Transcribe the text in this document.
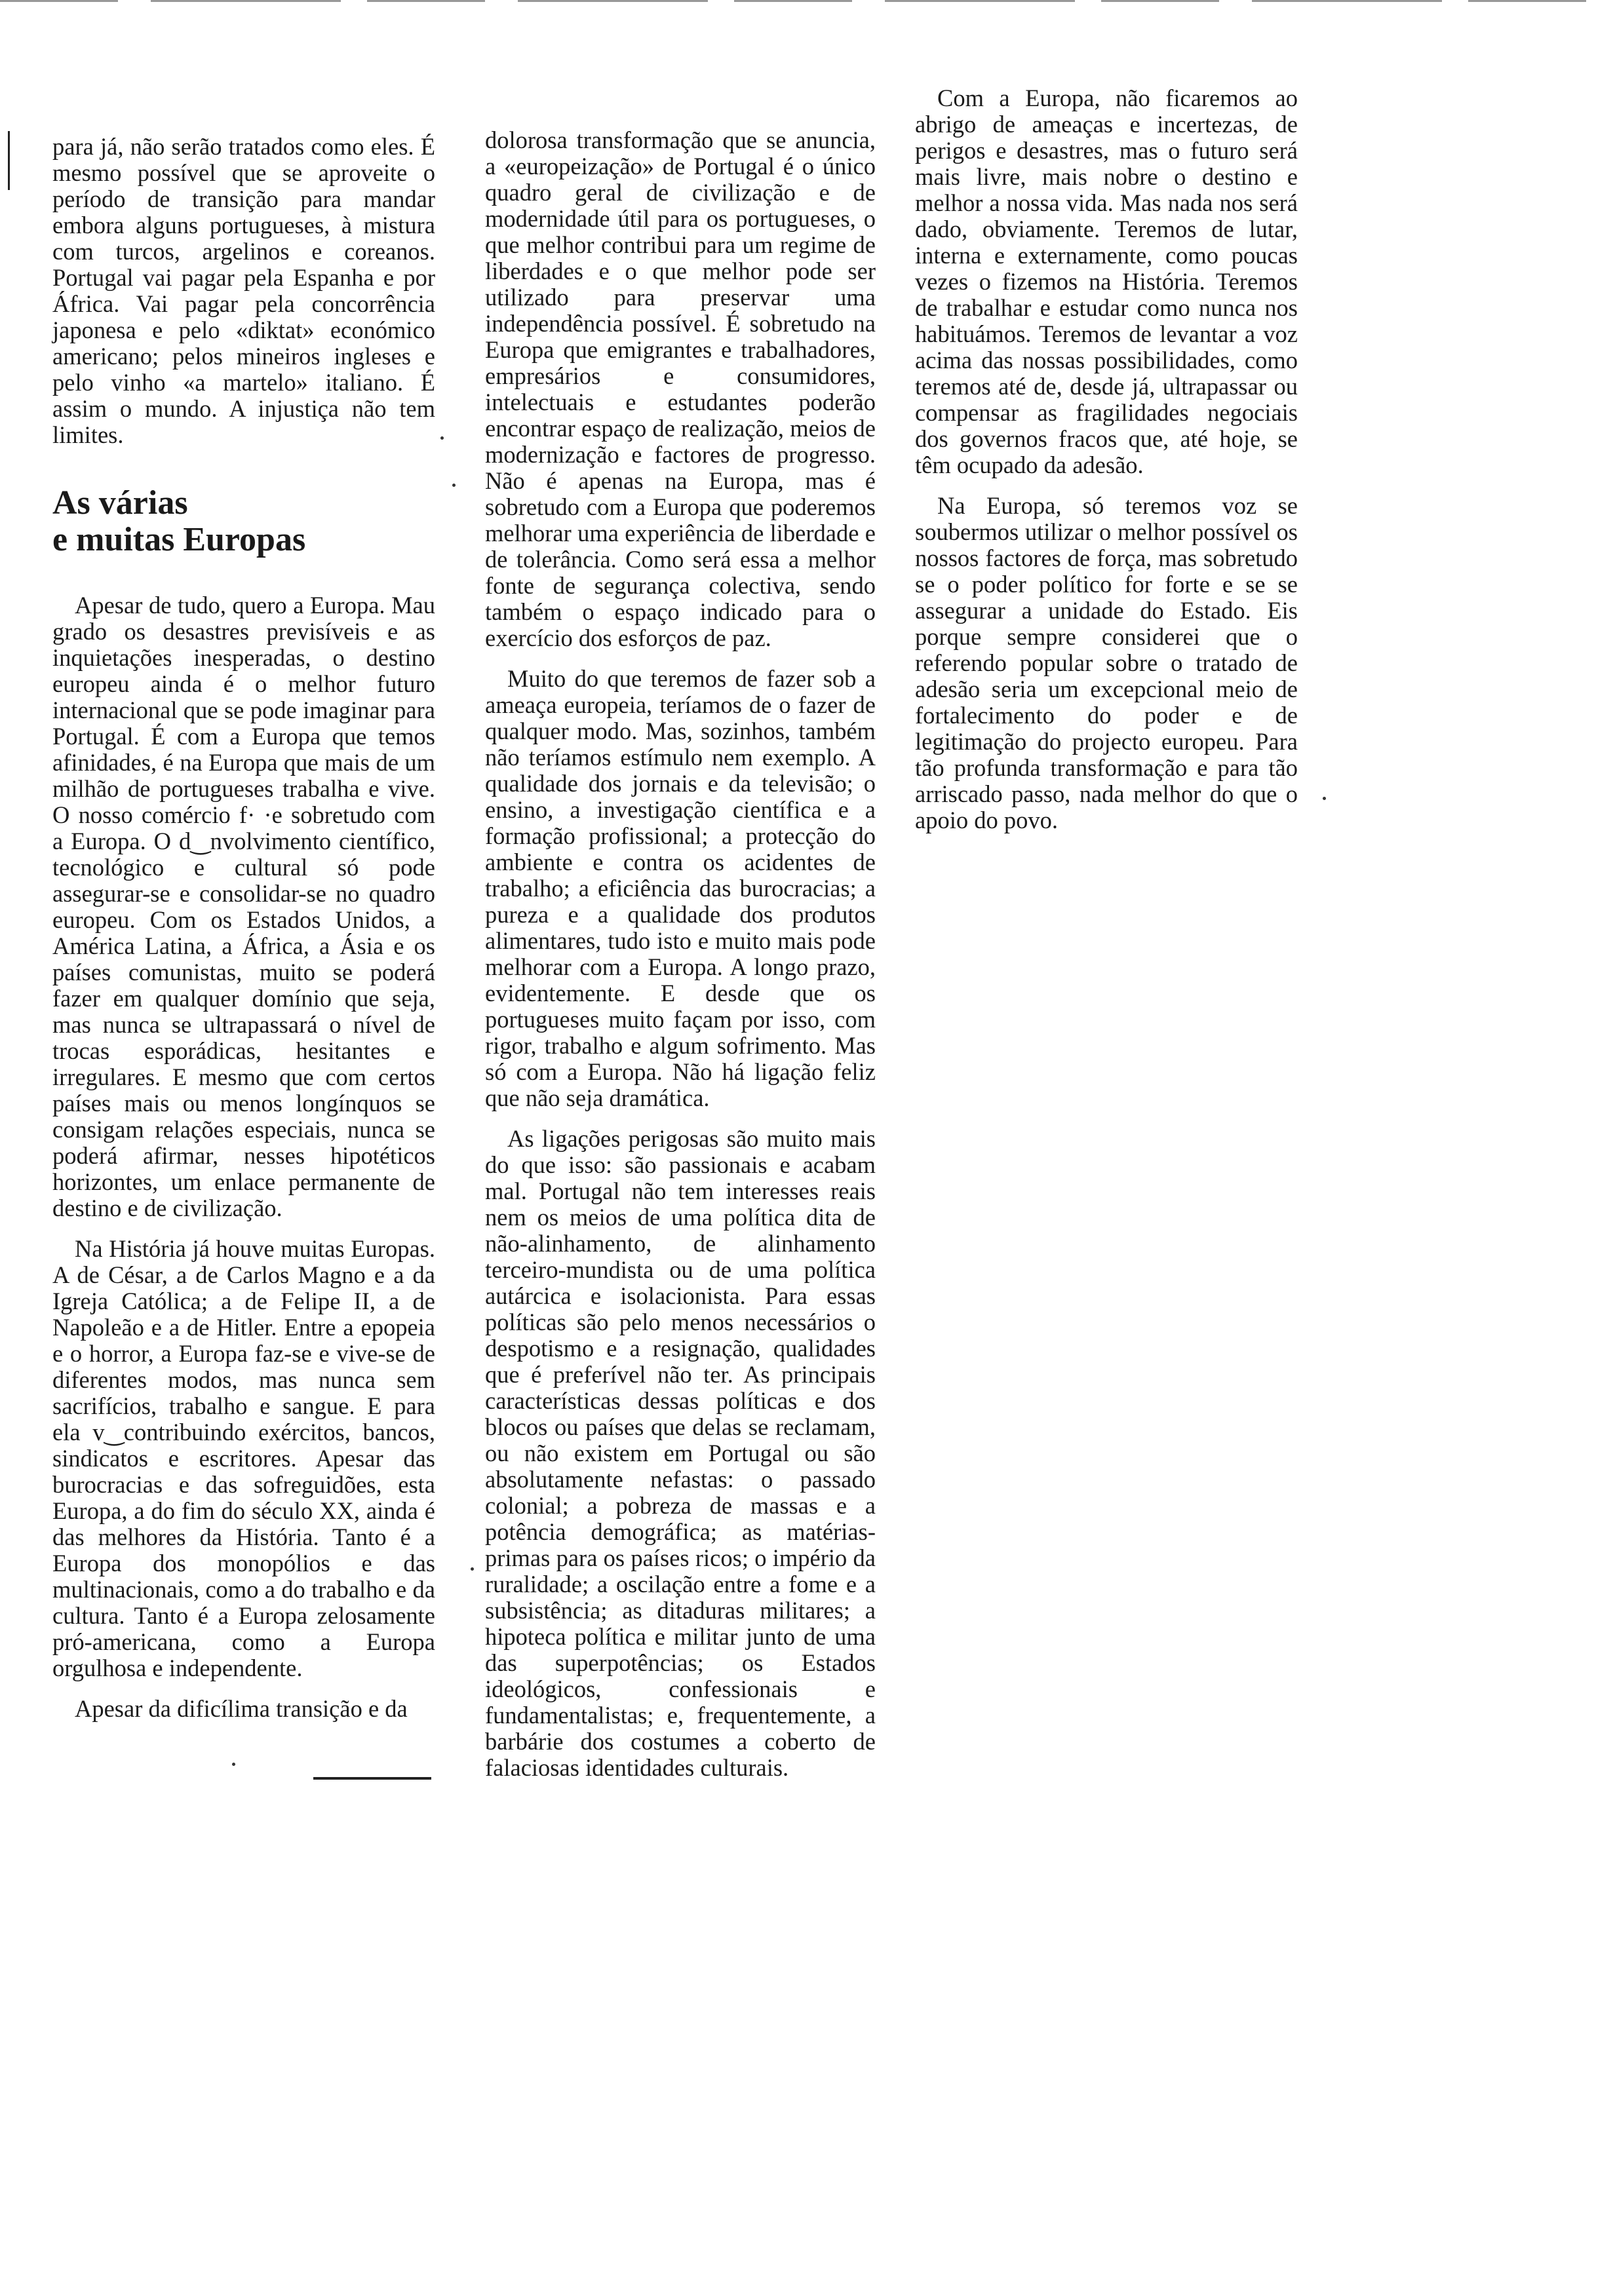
para já, não serão tratados como eles. É mesmo possível que se aproveite o período de transição para mandar embora alguns portugueses, à mistura com turcos, argelinos e coreanos. Portugal vai pagar pela Espanha e por África. Vai pagar pela concorrência japonesa e pelo «diktat» económico americano; pelos mineiros ingleses e pelo vinho «a martelo» italiano. É assim o mundo. A injustiça não tem limites.

As várias
e muitas Europas

Apesar de tudo, quero a Europa. Mau grado os desastres previsíveis e as inquietações inesperadas, o destino europeu ainda é o melhor futuro internacional que se pode imaginar para Portugal. É com a Europa que temos afinidades, é na Europa que mais de um milhão de portugueses trabalha e vive. O nosso comércio f· ·e sobretudo com a Europa. O d‿nvolvimento científico, tecnológico e cultural só pode assegurar-se e consolidar-se no quadro europeu. Com os Estados Unidos, a América Latina, a África, a Ásia e os países comunistas, muito se poderá fazer em qualquer domínio que seja, mas nunca se ultrapassará o nível de trocas esporádicas, hesitantes e irregulares. E mesmo que com certos países mais ou menos longínquos se consigam relações especiais, nunca se poderá afirmar, nesses hipotéticos horizontes, um enlace permanente de destino e de civilização.

Na História já houve muitas Europas. A de César, a de Carlos Magno e a da Igreja Católica; a de Felipe II, a de Napoleão e a de Hitler. Entre a epopeia e o horror, a Europa faz-se e vive-se de diferentes modos, mas nunca sem sacrifícios, trabalho e sangue. E para ela v‿contribuindo exércitos, bancos, sindicatos e escritores. Apesar das burocracias e das sofreguidões, esta Europa, a do fim do século XX, ainda é das melhores da História. Tanto é a Europa dos monopólios e das multinacionais, como a do trabalho e da cultura. Tanto é a Europa zelosamente pró-americana, como a Europa orgulhosa e independente.

Apesar da dificílima transição e da

dolorosa transformação que se anuncia, a «europeização» de Portugal é o único quadro geral de civilização e de modernidade útil para os portugueses, o que melhor contribui para um regime de liberdades e o que melhor pode ser utilizado para preservar uma independência possível. É sobretudo na Europa que emigrantes e trabalhadores, empresários e consumidores, intelectuais e estudantes poderão encontrar espaço de realização, meios de modernização e factores de progresso. Não é apenas na Europa, mas é sobretudo com a Europa que poderemos melhorar uma experiência de liberdade e de tolerância. Como será essa a melhor fonte de segurança colectiva, sendo também o espaço indicado para o exercício dos esforços de paz.

Muito do que teremos de fazer sob a ameaça europeia, teríamos de o fazer de qualquer modo. Mas, sozinhos, também não teríamos estímulo nem exemplo. A qualidade dos jornais e da televisão; o ensino, a investigação científica e a formação profissional; a protecção do ambiente e contra os acidentes de trabalho; a eficiência das burocracias; a pureza e a qualidade dos produtos alimentares, tudo isto e muito mais pode melhorar com a Europa. A longo prazo, evidentemente. E desde que os portugueses muito façam por isso, com rigor, trabalho e algum sofrimento. Mas só com a Europa. Não há ligação feliz que não seja dramática.

As ligações perigosas são muito mais do que isso: são passionais e acabam mal. Portugal não tem interesses reais nem os meios de uma política dita de não-alinhamento, de alinhamento terceiro-mundista ou de uma política autárcica e isolacionista. Para essas políticas são pelo menos necessários o despotismo e a resignação, qualidades que é preferível não ter. As principais características dessas políticas e dos blocos ou países que delas se reclamam, ou não existem em Portugal ou são absolutamente nefastas: o passado colonial; a pobreza de massas e a potência demográfica; as matérias-primas para os países ricos; o império da ruralidade; a oscilação entre a fome e a subsistência; as ditaduras militares; a hipoteca política e militar junto de uma das superpotências; os Estados ideológicos, confessionais e fundamentalistas; e, frequentemente, a barbárie dos costumes a coberto de falaciosas identidades culturais.

Com a Europa, não ficaremos ao abrigo de ameaças e incertezas, de perigos e desastres, mas o futuro será mais livre, mais nobre o destino e melhor a nossa vida. Mas nada nos será dado, obviamente. Teremos de lutar, interna e externamente, como poucas vezes o fizemos na História. Teremos de trabalhar e estudar como nunca nos habituámos. Teremos de levantar a voz acima das nossas possibilidades, como teremos até de, desde já, ultrapassar ou compensar as fragilidades negociais dos governos fracos que, até hoje, se têm ocupado da adesão.

Na Europa, só teremos voz se soubermos utilizar o melhor possível os nossos factores de força, mas sobretudo se o poder político for forte e se se assegurar a unidade do Estado. Eis porque sempre considerei que o referendo popular sobre o tratado de adesão seria um excepcional meio de fortalecimento do poder e de legitimação do projecto europeu. Para tão profunda transformação e para tão arriscado passo, nada melhor do que o apoio do povo.
